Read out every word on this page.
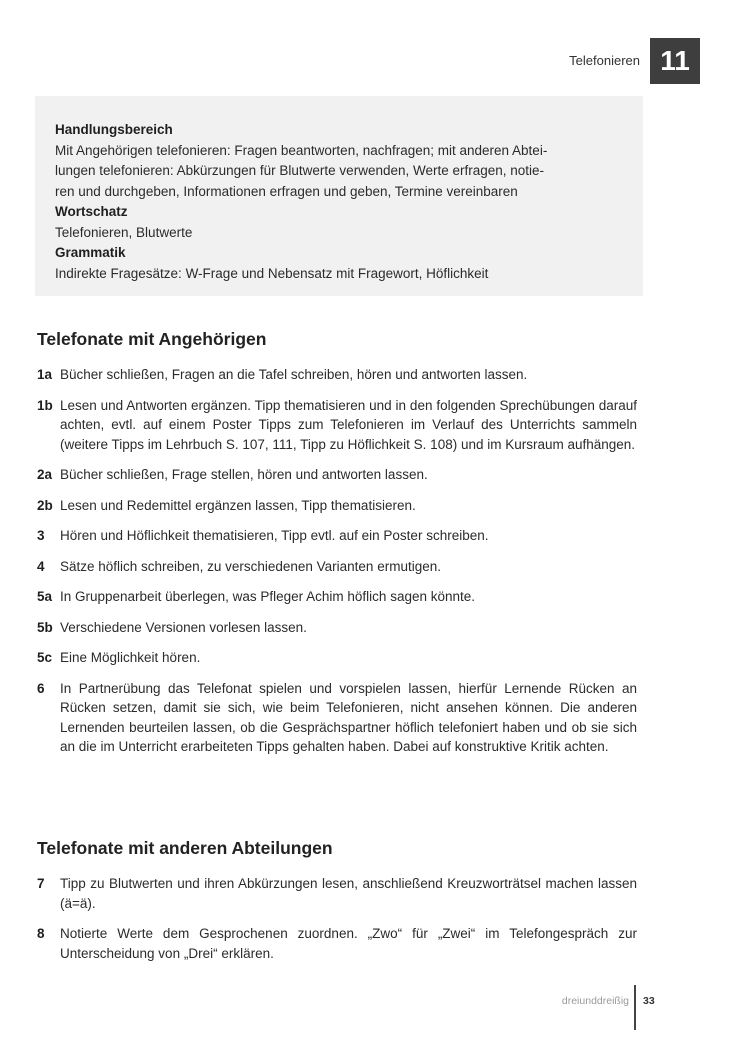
Telefonieren 11
Handlungsbereich
Mit Angehörigen telefonieren: Fragen beantworten, nachfragen; mit anderen Abtei-
lungen telefonieren: Abkürzungen für Blutwerte verwenden, Werte erfragen, notie-
ren und durchgeben, Informationen erfragen und geben, Termine vereinbaren
Wortschatz
Telefonieren, Blutwerte
Grammatik
Indirekte Fragesätze: W-Frage und Nebensatz mit Fragewort, Höflichkeit
Telefonate mit Angehörigen
1a Bücher schließen, Fragen an die Tafel schreiben, hören und antworten lassen.
1b Lesen und Antworten ergänzen. Tipp thematisieren und in den folgenden Sprechübungen darauf achten, evtl. auf einem Poster Tipps zum Telefonieren im Verlauf des Unterrichts sammeln (weitere Tipps im Lehrbuch S. 107, 111, Tipp zu Höflichkeit S. 108) und im Kursraum aufhängen.
2a Bücher schließen, Frage stellen, hören und antworten lassen.
2b Lesen und Redemittel ergänzen lassen, Tipp thematisieren.
3	Hören und Höflichkeit thematisieren, Tipp evtl. auf ein Poster schreiben.
4	Sätze höflich schreiben, zu verschiedenen Varianten ermutigen.
5a In Gruppenarbeit überlegen, was Pfleger Achim höflich sagen könnte.
5b Verschiedene Versionen vorlesen lassen.
5c Eine Möglichkeit hören.
6	In Partnerübung das Telefonat spielen und vorspielen lassen, hierfür Lernende Rücken an Rücken setzen, damit sie sich, wie beim Telefonieren, nicht ansehen können. Die anderen Lernenden beurteilen lassen, ob die Gesprächspartner höflich telefoniert haben und ob sie sich an die im Unterricht erarbeiteten Tipps gehalten haben. Dabei auf konstruktive Kritik achten.
Telefonate mit anderen Abteilungen
7	Tipp zu Blutwerten und ihren Abkürzungen lesen, anschließend Kreuzworträtsel machen lassen (ä=ä).
8	Notierte Werte dem Gesprochenen zuordnen. „Zwo“ für „Zwei“ im Telefongespräch zur Unterscheidung von „Drei“ erklären.
dreiunddreißig 33
